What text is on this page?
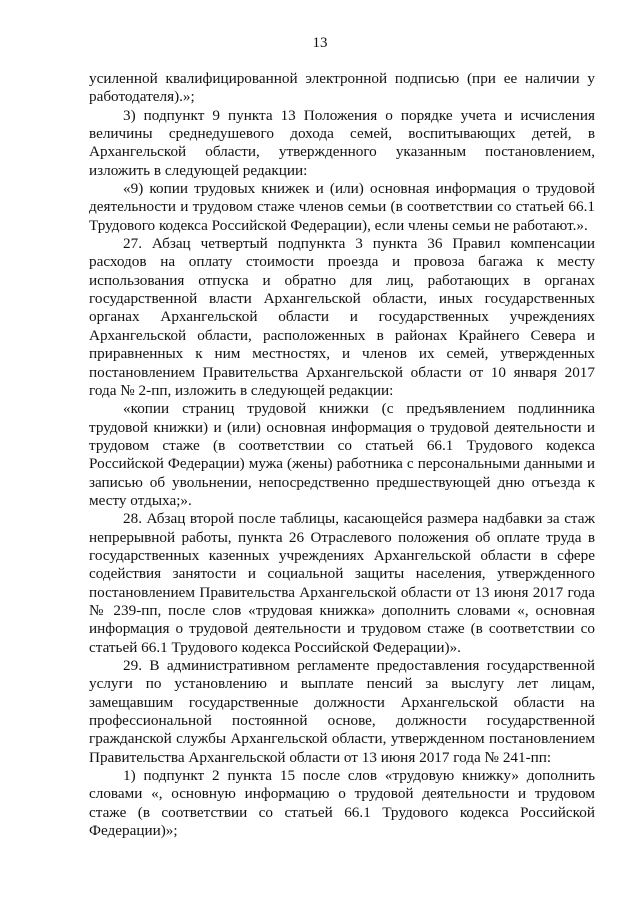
13

усиленной квалифицированной электронной подписью (при ее наличии у работодателя).»;

3) подпункт 9 пункта 13 Положения о порядке учета и исчисления величины среднедушевого дохода семей, воспитывающих детей, в Архангельской области, утвержденного указанным постановлением, изложить в следующей редакции:

«9) копии трудовых книжек и (или) основная информация о трудовой деятельности и трудовом стаже членов семьи (в соответствии со статьей 66.1 Трудового кодекса Российской Федерации), если члены семьи не работают.».

27. Абзац четвертый подпункта 3 пункта 36 Правил компенсации расходов на оплату стоимости проезда и провоза багажа к месту использования отпуска и обратно для лиц, работающих в органах государственной власти Архангельской области, иных государственных органах Архангельской области и государственных учреждениях Архангельской области, расположенных в районах Крайнего Севера и приравненных к ним местностях, и членов их семей, утвержденных постановлением Правительства Архангельской области от 10 января 2017 года № 2-пп, изложить в следующей редакции:

«копии страниц трудовой книжки (с предъявлением подлинника трудовой книжки) и (или) основная информация о трудовой деятельности и трудовом стаже (в соответствии со статьей 66.1 Трудового кодекса Российской Федерации) мужа (жены) работника с персональными данными и записью об увольнении, непосредственно предшествующей дню отъезда к месту отдыха;».

28. Абзац второй после таблицы, касающейся размера надбавки за стаж непрерывной работы, пункта 26 Отраслевого положения об оплате труда в государственных казенных учреждениях Архангельской области в сфере содействия занятости и социальной защиты населения, утвержденного постановлением Правительства Архангельской области от 13 июня 2017 года № 239-пп, после слов «трудовая книжка» дополнить словами «, основная информация о трудовой деятельности и трудовом стаже (в соответствии со статьей 66.1 Трудового кодекса Российской Федерации)».

29. В административном регламенте предоставления государственной услуги по установлению и выплате пенсий за выслугу лет лицам, замещавшим государственные должности Архангельской области на профессиональной постоянной основе, должности государственной гражданской службы Архангельской области, утвержденном постановлением Правительства Архангельской области от 13 июня 2017 года № 241-пп:

1) подпункт 2 пункта 15 после слов «трудовую книжку» дополнить словами «, основную информацию о трудовой деятельности и трудовом стаже (в соответствии со статьей 66.1 Трудового кодекса Российской Федерации)»;
